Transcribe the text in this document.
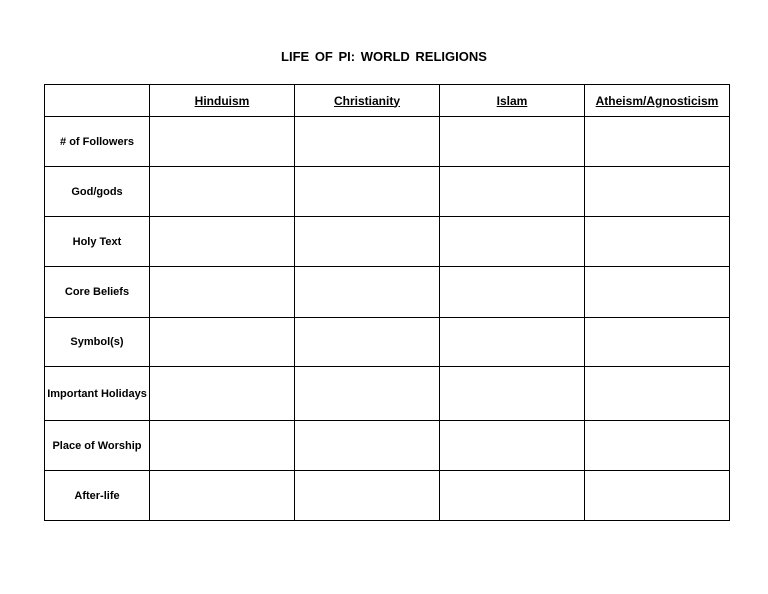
LIFE OF PI: WORLD RELIGIONS
	Hinduism	Christianity	Islam	Atheism/Agnosticism
# of Followers				
God/gods				
Holy Text				
Core Beliefs				
Symbol(s)				
Important Holidays				
Place of Worship				
After-life				
